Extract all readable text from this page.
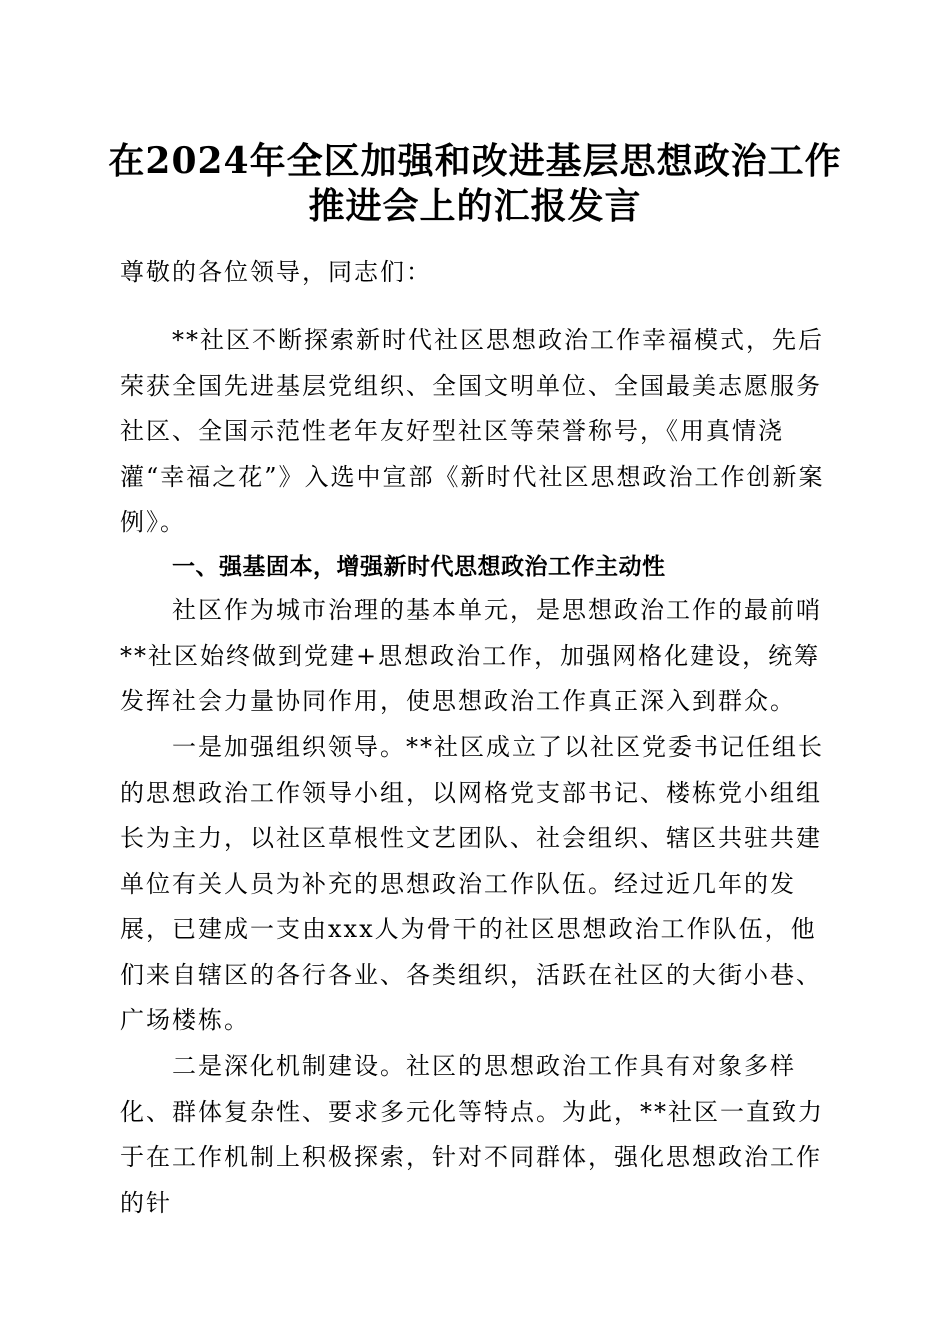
在2024年全区加强和改进基层思想政治工作
推进会上的汇报发言
尊敬的各位领导，同志们：
**社区不断探索新时代社区思想政治工作幸福模式，先后荣获全国先进基层党组织、全国文明单位、全国最美志愿服务社区、全国示范性老年友好型社区等荣誉称号，《用真情浇灌“幸福之花”》入选中宣部《新时代社区思想政治工作创新案例》。
一、强基固本，增强新时代思想政治工作主动性
社区作为城市治理的基本单元，是思想政治工作的最前哨**社区始终做到党建+思想政治工作，加强网格化建设，统筹发挥社会力量协同作用，使思想政治工作真正深入到群众。
一是加强组织领导。**社区成立了以社区党委书记任组长的思想政治工作领导小组，以网格党支部书记、楼栋党小组组长为主力，以社区草根性文艺团队、社会组织、辖区共驻共建单位有关人员为补充的思想政治工作队伍。经过近几年的发展，已建成一支由xxx人为骨干的社区思想政治工作队伍，他们来自辖区的各行各业、各类组织，活跃在社区的大街小巷、广场楼栋。
二是深化机制建设。社区的思想政治工作具有对象多样化、群体复杂性、要求多元化等特点。为此，**社区一直致力于在工作机制上积极探索，针对不同群体，强化思想政治工作的针
